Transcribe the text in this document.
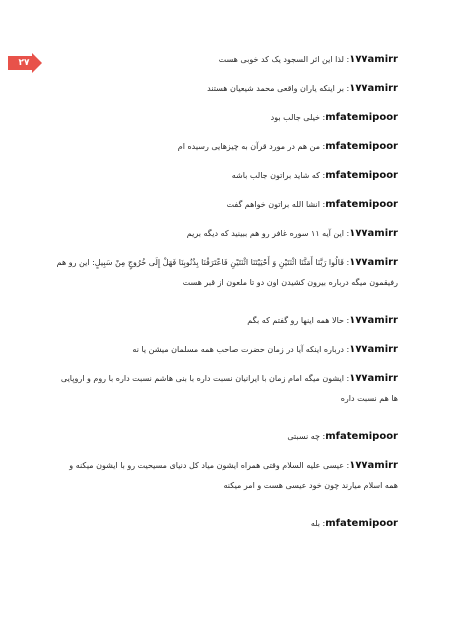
۲۷	۱۷۷amirr: لذا این اثر السجود یک کد خوبی هست

۱۷۷amirr: بر اینکه یاران واقعی محمد شیعیان هستند

mfatemipoor: خیلی جالب بود

mfatemipoor: من هم در مورد قرآن به چیزهایی رسیده ام

mfatemipoor: که شاید براتون جالب باشه

mfatemipoor: انشا الله براتون خواهم گفت

۱۷۷amirr: این آیه ۱۱ سوره غافر رو هم ببینید که دیگه بریم

۱۷۷amirr: قَالُوا رَبَّنَا أَمَتَّنَا اثْنَتَيْنِ وَ أَحْيَيْتَنَا اثْنَتَيْنِ فَاعْتَرَفْنَا بِذُنُوبِنَا فَهَلْ إِلَى خُرُوجٍ مِنْ سَبِيلٍ: این رو هم رفیقمون میگه درباره بیرون کشیدن اون دو تا ملعون از قبر هست

۱۷۷amirr: حالا همه اینها رو گفتم که بگم

۱۷۷amirr: درباره اینکه آیا در زمان حضرت صاحب همه مسلمان میشن یا نه

۱۷۷amirr: ایشون میگه امام زمان با ایرانیان نسبت داره با بنی هاشم نسبت داره با روم و اروپایی ها هم نسبت داره

mfatemipoor: چه نسبتی

۱۷۷amirr: عیسی علیه السلام وقتی همراه ایشون میاد کل دنیای مسیحیت رو با ایشون میکنه و همه اسلام میارند چون خود عیسی هست و امر میکنه

mfatemipoor: بله
